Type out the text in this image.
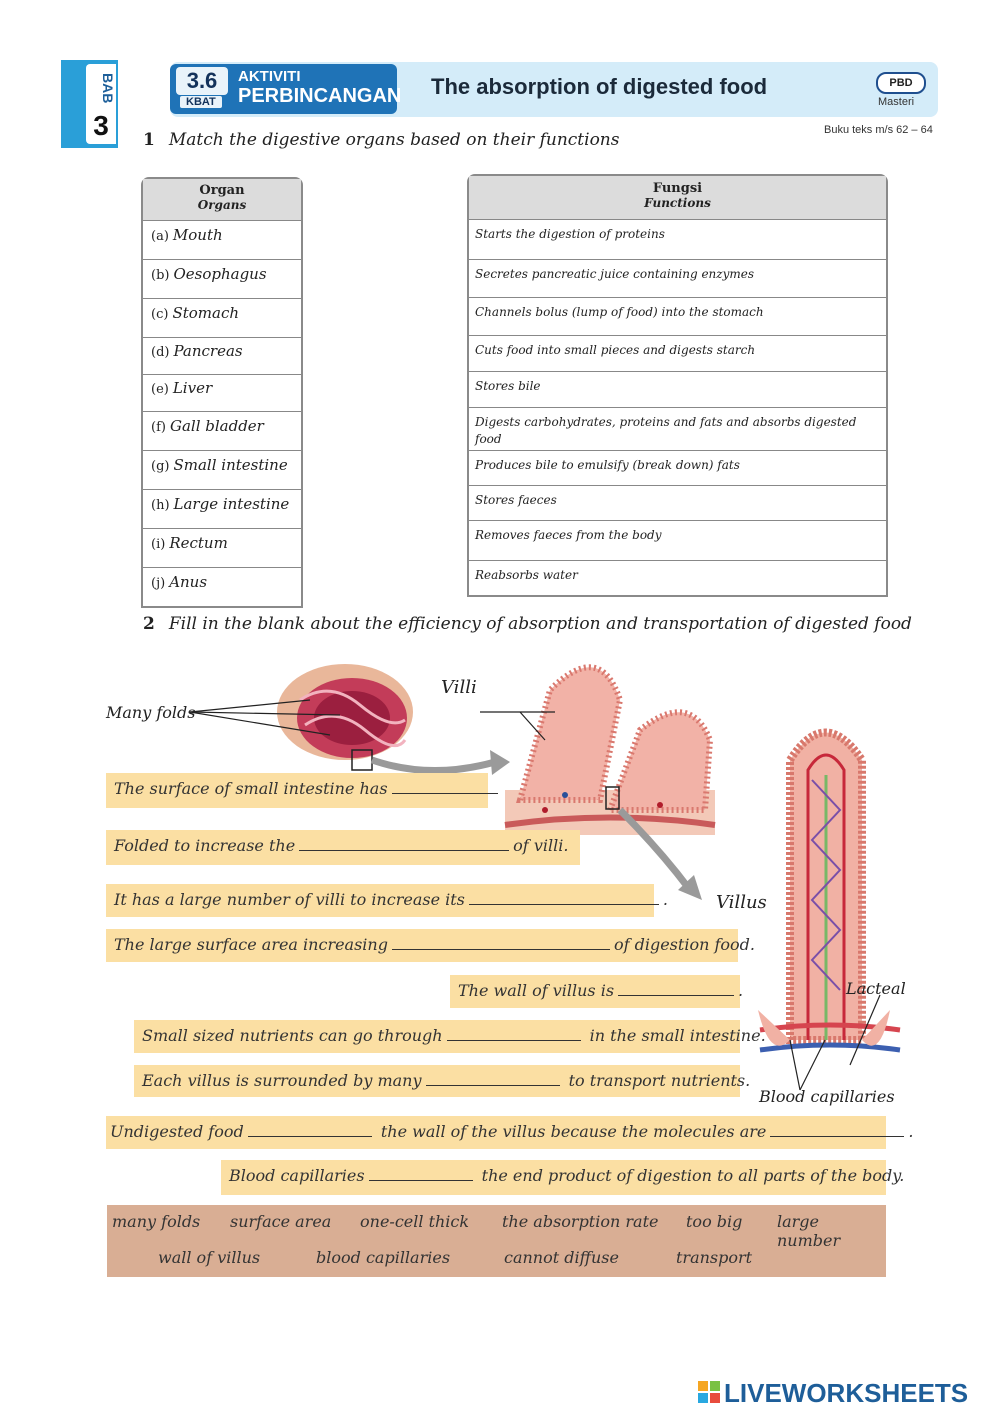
BAB
3
3.6
KBAT
AKTIVITI
PERBINCANGAN The absorption of digested food	PBD
Masteri
Buku teks m/s 62 – 64
1 Match the digestive organs based on their functions
Organ
Organs
(a) Mouth
(b) Oesophagus
(c) Stomach
(d) Pancreas
(e) Liver
(f) Gall bladder
(g) Small intestine
(h) Large intestine
(i) Rectum
(j) Anus
Fungsi
Functions
Starts the digestion of proteins
Secretes pancreatic juice containing enzymes
Channels bolus (lump of food) into the stomach
Cuts food into small pieces and digests starch
Stores bile
Digests carbohydrates, proteins and fats and absorbs digested food
Produces bile to emulsify (break down) fats
Stores faeces
Removes faeces from the body
Reabsorbs water
2 Fill in the blank about the efficiency of absorption and transportation of digested food
Many folds
Villi
Villus
Lacteal
Blood capillaries
The surface of small intestine has
Folded to increase the	of villi.
It has a large number of villi to increase its	.
The large surface area increasing	of digestion food.
The wall of villus is	.
Small sized nutrients can go through	in the small intestine.
Each villus is surrounded by many	to transport nutrients.
Undigested food	the wall of the villus because the molecules are	.
Blood capillaries	the end product of digestion to all parts of the body.
many folds surface area one-cell thick the absorption rate too big large number
wall of villus	blood capillaries	cannot diffuse	transport
LIVEWORKSHEETS
